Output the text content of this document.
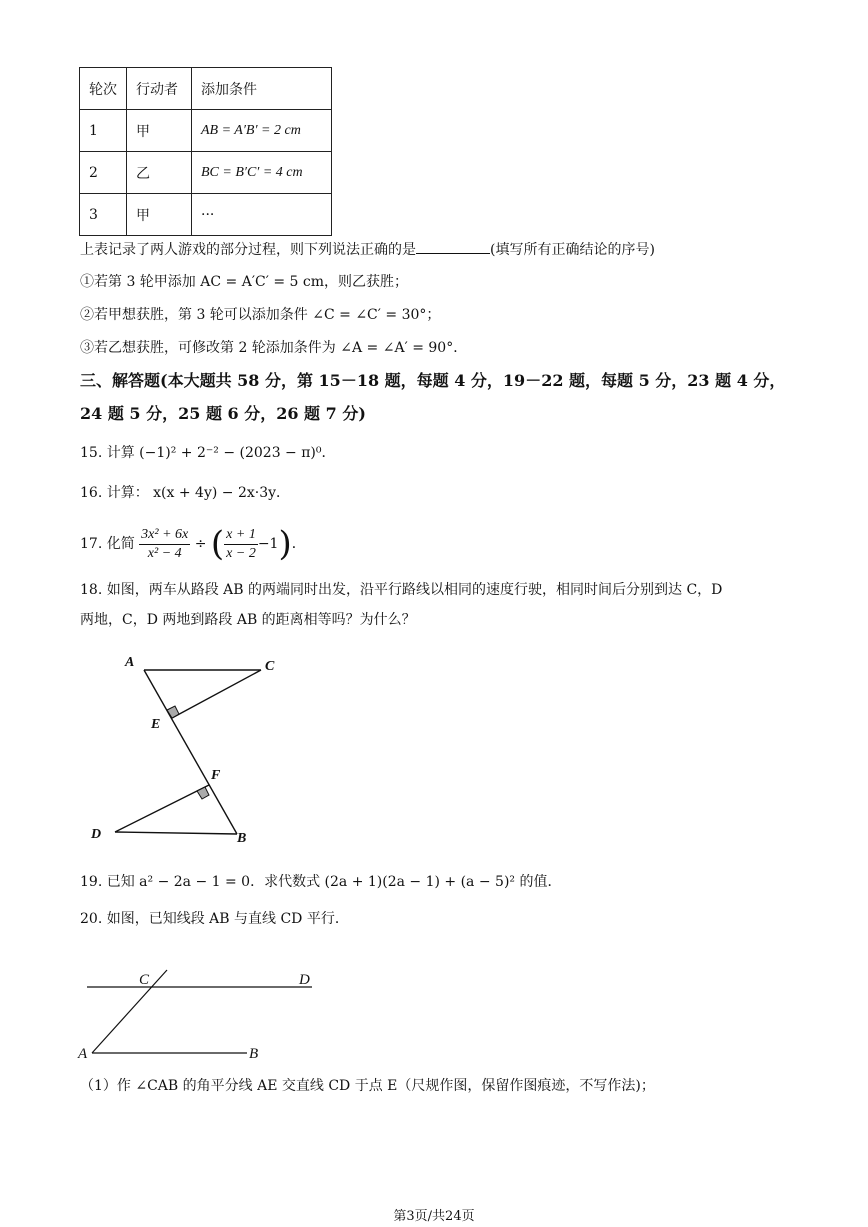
轮次	行动者	添加条件
1	甲	AB = A′B′ = 2 cm
2	乙	BC = B′C′ = 4 cm
3	甲	···
上表记录了两人游戏的部分过程，则下列说法正确的是	(填写所有正确结论的序号)
①若第 3 轮甲添加 AC = A′C′ = 5 cm，则乙获胜；
②若甲想获胜，第 3 轮可以添加条件 ∠C = ∠C′ = 30°；
③若乙想获胜，可修改第 2 轮添加条件为 ∠A = ∠A′ = 90°．
三、解答题(本大题共 58 分，第 15－18 题，每题 4 分，19－22 题，每题 5 分，23 题 4 分，
24 题 5 分，25 题 6 分，26 题 7 分)
15. 计算 (−1)² + 2⁻² − (2023 − π)⁰．
16. 计算： x(x + 4y) − 2x·3y．
17. 化简 $\frac{\text{3x² + 6x}}{\text{x² − 4}}$ ÷ ( $\frac{x + 1}{x - 2} -1$)．
18. 如图，两车从路段 AB 的两端同时出发，沿平行路线以相同的速度行驶，相同时间后分别到达 C，D
两地，C，D 两地到路段 AB 的距离相等吗？为什么？
A	C
E
F
D	B
19. 已知 a² − 2a − 1 = 0．求代数式 (2a + 1)(2a − 1) + (a − 5)² 的值．
20. 如图，已知线段 AB 与直线 CD 平行．
C	D
A	B
（1）作 ∠CAB 的角平分线 AE 交直线 CD 于点 E（尺规作图，保留作图痕迹，不写作法)；
第3页/共24页
